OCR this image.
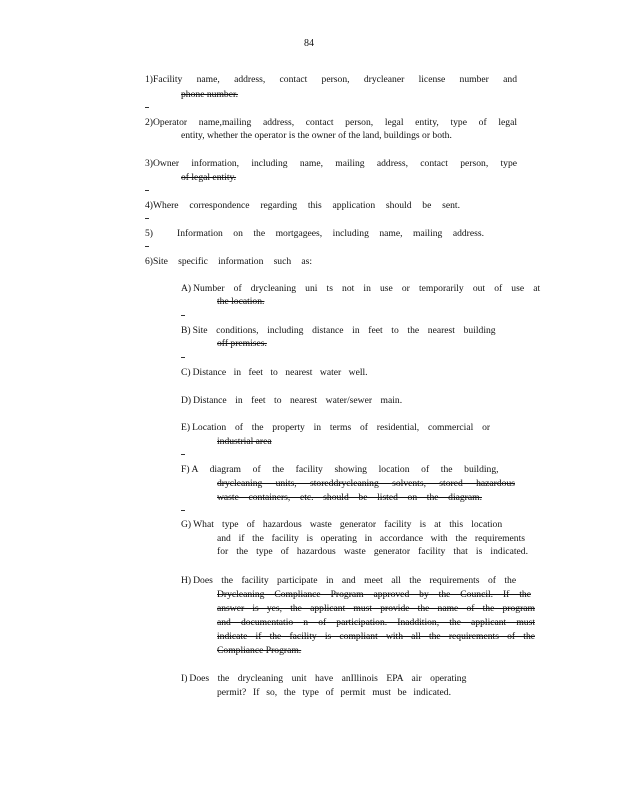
84
1)Facility name, address, contact person, drycleaner license number and
phone number.
2)Operator name,mailing address, contact person, legal entity, type of legal
entity, whether the operator is the owner of the land, buildings or both.
3)Owner information, including name, mailing address, contact person, type
of legal entity.
4)Where correspondence regarding this application should be sent.
5)	Information on the mortgagees, including name, mailing address.
6)Site specific information such as:
A) Number of drycleaning uni ts not in use or temporarily out of use at
the location.
B) Site conditions, including distance in feet to the nearest building
off premises.
C) Distance in feet to nearest water well.
D) Distance in feet to nearest water/sewer main.
E) Location of the property in terms of residential, commercial or
industrial area
F) A diagram of the facility showing location of the building,
drycleaning units, storeddrycleaning solvents, stored hazardous
waste containers, etc. should be listed on the diagram.
G) What type of hazardous waste generator facility is at this location
and if the facility is operating in accordance with the requirements
for the type of hazardous waste generator facility that is indicated.
H) Does the facility participate in and meet all the requirements of the
Drycleaning Compliance Program approved by the Council. If the
answer is yes, the applicant must provide the name of the program
and documentatio n of participation. Inaddition, the applicant must
indicate if the facility is compliant with all the requirements of the
Compliance Program.
I) Does the drycleaning unit have anIllinois EPA air operating
permit? If so, the type of permit must be indicated.
